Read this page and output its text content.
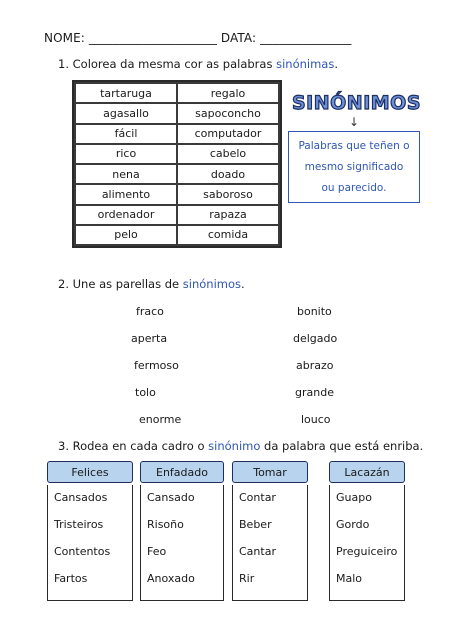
NOME: _____________________ DATA: _______________
1. Colorea da mesma cor as palabras sinónimas.
tartaruga	regalo
agasallo	sapoconcho
fácil	computador
rico	cabelo
nena	doado
alimento	saboroso
ordenador	rapaza
pelo	comida
SINÓNIMOS
↓
Palabras que teñen o
mesmo significado
ou parecido.
2. Une as parellas de sinónimos.
fraco
aperta
fermoso
tolo
enorme
bonito
delgado
abrazo
grande
louco
3. Rodea en cada cadro o sinónimo da palabra que está enriba.
Felices
Cansados
Tristeiros
Contentos
Fartos
Enfadado
Cansado
Risoño
Feo
Anoxado
Tomar
Contar
Beber
Cantar
Rir
Lacazán
Guapo
Gordo
Preguiceiro
Malo
